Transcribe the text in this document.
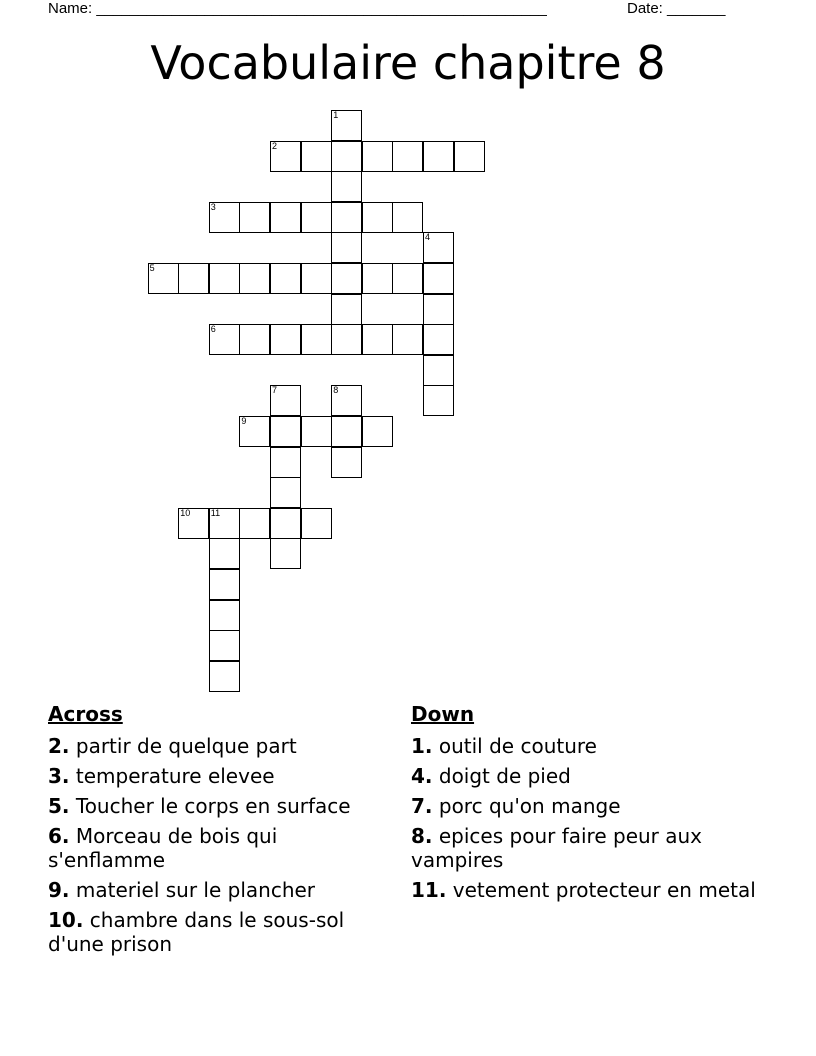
Name: ______________________________________________________	Date: _______
Vocabulaire chapitre 8
1
2
3
4
5
6
7	8
9
10 11
Across
2. partir de quelque part
3. temperature elevee
5. Toucher le corps en surface
6. Morceau de bois qui s'enflamme
9. materiel sur le plancher
10. chambre dans le sous-sol d'une prison
Down
1. outil de couture
4. doigt de pied
7. porc qu'on mange
8. epices pour faire peur aux vampires
11. vetement protecteur en metal
